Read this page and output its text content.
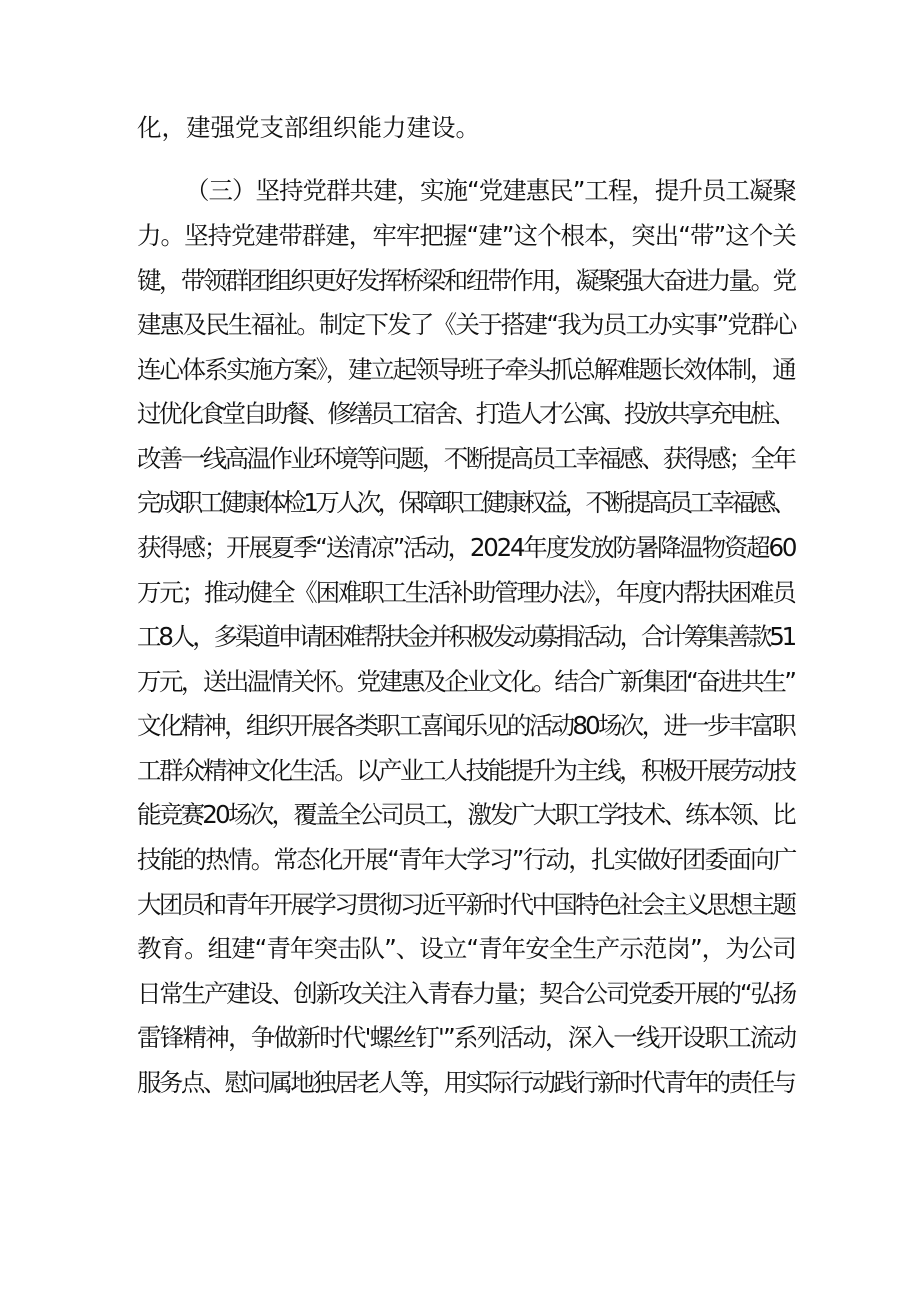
化，建强党支部组织能力建设。
（三）坚持党群共建，实施“党建惠民”工程，提升员工凝聚
力。坚持党建带群建，牢牢把握“建”这个根本，突出“带”这个关
键，带领群团组织更好发挥桥梁和纽带作用，凝聚强大奋进力量。党
建惠及民生福祉。制定下发了《关于搭建“我为员工办实事”党群心
连心体系实施方案》，建立起领导班子牵头抓总解难题长效体制，通
过优化食堂自助餐、修缮员工宿舍、打造人才公寓、投放共享充电桩、
改善一线高温作业环境等问题，不断提高员工幸福感、获得感；全年
完成职工健康体检1万人次，保障职工健康权益，不断提高员工幸福感、
获得感；开展夏季“送清凉”活动，2024年度发放防暑降温物资超60
万元；推动健全《困难职工生活补助管理办法》，年度内帮扶困难员
工8人，多渠道申请困难帮扶金并积极发动募捐活动，合计筹集善款51
万元，送出温情关怀。党建惠及企业文化。结合广新集团“奋进共生”
文化精神，组织开展各类职工喜闻乐见的活动80场次，进一步丰富职
工群众精神文化生活。以产业工人技能提升为主线，积极开展劳动技
能竞赛20场次，覆盖全公司员工，激发广大职工学技术、练本领、比
技能的热情。常态化开展“青年大学习”行动，扎实做好团委面向广
大团员和青年开展学习贯彻习近平新时代中国特色社会主义思想主题
教育。组建“青年突击队”、设立“青年安全生产示范岗”，为公司
日常生产建设、创新攻关注入青春力量；契合公司党委开展的“弘扬
雷锋精神，争做新时代'螺丝钉'”系列活动，深入一线开设职工流动
服务点、慰问属地独居老人等，用实际行动践行新时代青年的责任与
